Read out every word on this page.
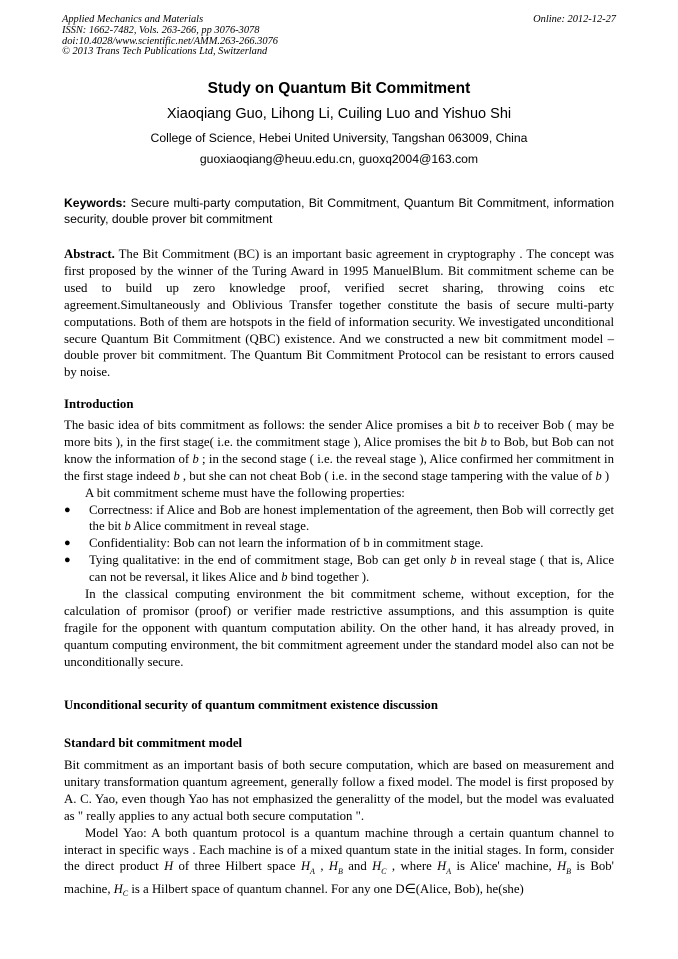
Applied Mechanics and Materials
ISSN: 1662-7482, Vols. 263-266, pp 3076-3078
doi:10.4028/www.scientific.net/AMM.263-266.3076
© 2013 Trans Tech Publications Ltd, Switzerland
Online: 2012-12-27
Study on Quantum Bit Commitment
Xiaoqiang Guo, Lihong Li, Cuiling Luo and Yishuo Shi
College of Science, Hebei United University, Tangshan 063009, China
guoxiaoqiang@heuu.edu.cn, guoxq2004@163.com
Keywords: Secure multi-party computation, Bit Commitment, Quantum Bit Commitment, information security, double prover bit commitment

Abstract. The Bit Commitment (BC) is an important basic agreement in cryptography . The concept was first proposed by the winner of the Turing Award in 1995 ManuelBlum. Bit commitment scheme can be used to build up zero knowledge proof, verified secret sharing, throwing coins etc agreement.Simultaneously and Oblivious Transfer together constitute the basis of secure multi-party computations. Both of them are hotspots in the field of information security. We investigated unconditional secure Quantum Bit Commitment (QBC) existence. And we constructed a new bit commitment model – double prover bit commitment. The Quantum Bit Commitment Protocol can be resistant to errors caused by noise.

Introduction

The basic idea of bits commitment as follows: the sender Alice promises a bit b to receiver Bob ( may be more bits ), in the first stage( i.e. the commitment stage ), Alice promises the bit b to Bob, but Bob can not know the information of b ; in the second stage ( i.e. the reveal stage ), Alice confirmed her commitment in the first stage indeed b , but she can not cheat Bob ( i.e. in the second stage tampering with the value of b )

A bit commitment scheme must have the following properties:

● Correctness: if Alice and Bob are honest implementation of the agreement, then Bob will correctly get the bit b Alice commitment in reveal stage.

● Confidentiality: Bob can not learn the information of b in commitment stage.

● Tying qualitative: in the end of commitment stage, Bob can get only b in reveal stage ( that is, Alice can not be reversal, it likes Alice and b bind together ).

In the classical computing environment the bit commitment scheme, without exception, for the calculation of promisor (proof) or verifier made restrictive assumptions, and this assumption is quite fragile for the opponent with quantum computation ability. On the other hand, it has already proved, in quantum computing environment, the bit commitment agreement under the standard model also can not be unconditionally secure.

Unconditional security of quantum commitment existence discussion
Standard bit commitment model

Bit commitment as an important basis of both secure computation, which are based on measurement and unitary transformation quantum agreement, generally follow a fixed model. The model is first proposed by A. C. Yao, even though Yao has not emphasized the generalitty of the model, but the model was evaluated as " really applies to any actual both secure computation ".

Model Yao: A both quantum protocol is a quantum machine through a certain quantum channel to interact in specific ways . Each machine is of a mixed quantum state in the initial stages. In form, consider the direct product H of three Hilbert space $H_A$ , $H_B$ and $H_C$ , where $H_A$ is Alice' machine, $H_B$ is Bob' machine, $H_C$ is a Hilbert space of quantum channel. For any one D∈(Alice, Bob), he(she)
